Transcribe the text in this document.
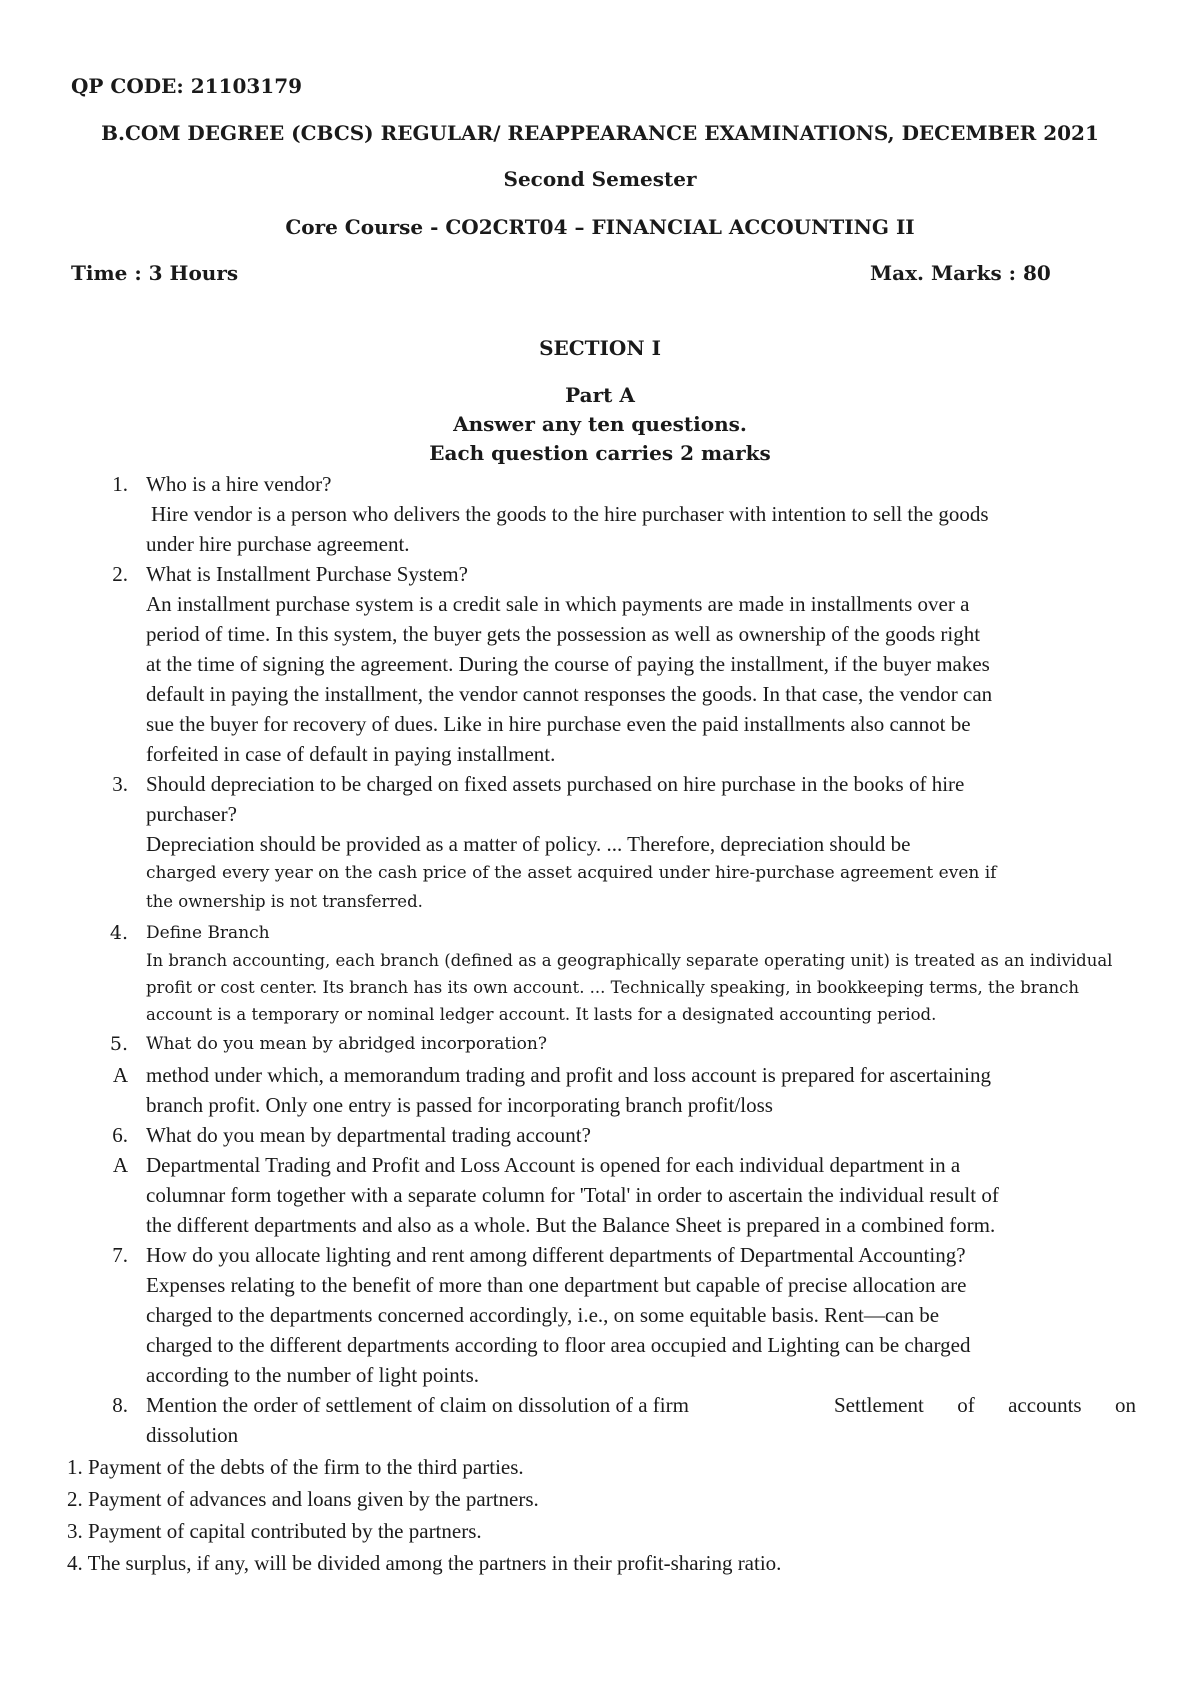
QP CODE: 21103179
B.COM DEGREE (CBCS) REGULAR/ REAPPEARANCE EXAMINATIONS, DECEMBER 2021
Second Semester
Core Course - CO2CRT04 – FINANCIAL ACCOUNTING II
Time : 3 Hours	Max. Marks : 80
SECTION I
Part A
Answer any ten questions.
Each question carries 2 marks
1. Who is a hire vendor?
Hire vendor is a person who delivers the goods to the hire purchaser with intention to sell the goods
under hire purchase agreement.
2. What is Installment Purchase System?
An installment purchase system is a credit sale in which payments are made in installments over a
period of time. In this system, the buyer gets the possession as well as ownership of the goods right
at the time of signing the agreement. During the course of paying the installment, if the buyer makes
default in paying the installment, the vendor cannot responses the goods. In that case, the vendor can
sue the buyer for recovery of dues. Like in hire purchase even the paid installments also cannot be
forfeited in case of default in paying installment.
3. Should depreciation to be charged on fixed assets purchased on hire purchase in the books of hire
purchaser?
Depreciation should be provided as a matter of policy. ... Therefore, depreciation should be
charged every year on the cash price of the asset acquired under hire-purchase agreement even if
the ownership is not transferred.
4. Define Branch
In branch accounting, each branch (defined as a geographically separate operating unit) is treated as an individual
profit or cost center. Its branch has its own account. ... Technically speaking, in bookkeeping terms, the branch
account is a temporary or nominal ledger account. It lasts for a designated accounting period.
5. What do you mean by abridged incorporation?
A method under which, a memorandum trading and profit and loss account is prepared for ascertaining
branch profit. Only one entry is passed for incorporating branch profit/loss
6. What do you mean by departmental trading account?
A Departmental Trading and Profit and Loss Account is opened for each individual department in a
columnar form together with a separate column for 'Total' in order to ascertain the individual result of
the different departments and also as a whole. But the Balance Sheet is prepared in a combined form.
7. How do you allocate lighting and rent among different departments of Departmental Accounting?
Expenses relating to the benefit of more than one department but capable of precise allocation are
charged to the departments concerned accordingly, i.e., on some equitable basis. Rent—can be
charged to the different departments according to floor area occupied and Lighting can be charged
according to the number of light points.
8. Mention the order of settlement of claim on dissolution of a firm	Settlement of accounts on
dissolution
1. Payment of the debts of the firm to the third parties.
2. Payment of advances and loans given by the partners.
3. Payment of capital contributed by the partners.
4. The surplus, if any, will be divided among the partners in their profit-sharing ratio.
